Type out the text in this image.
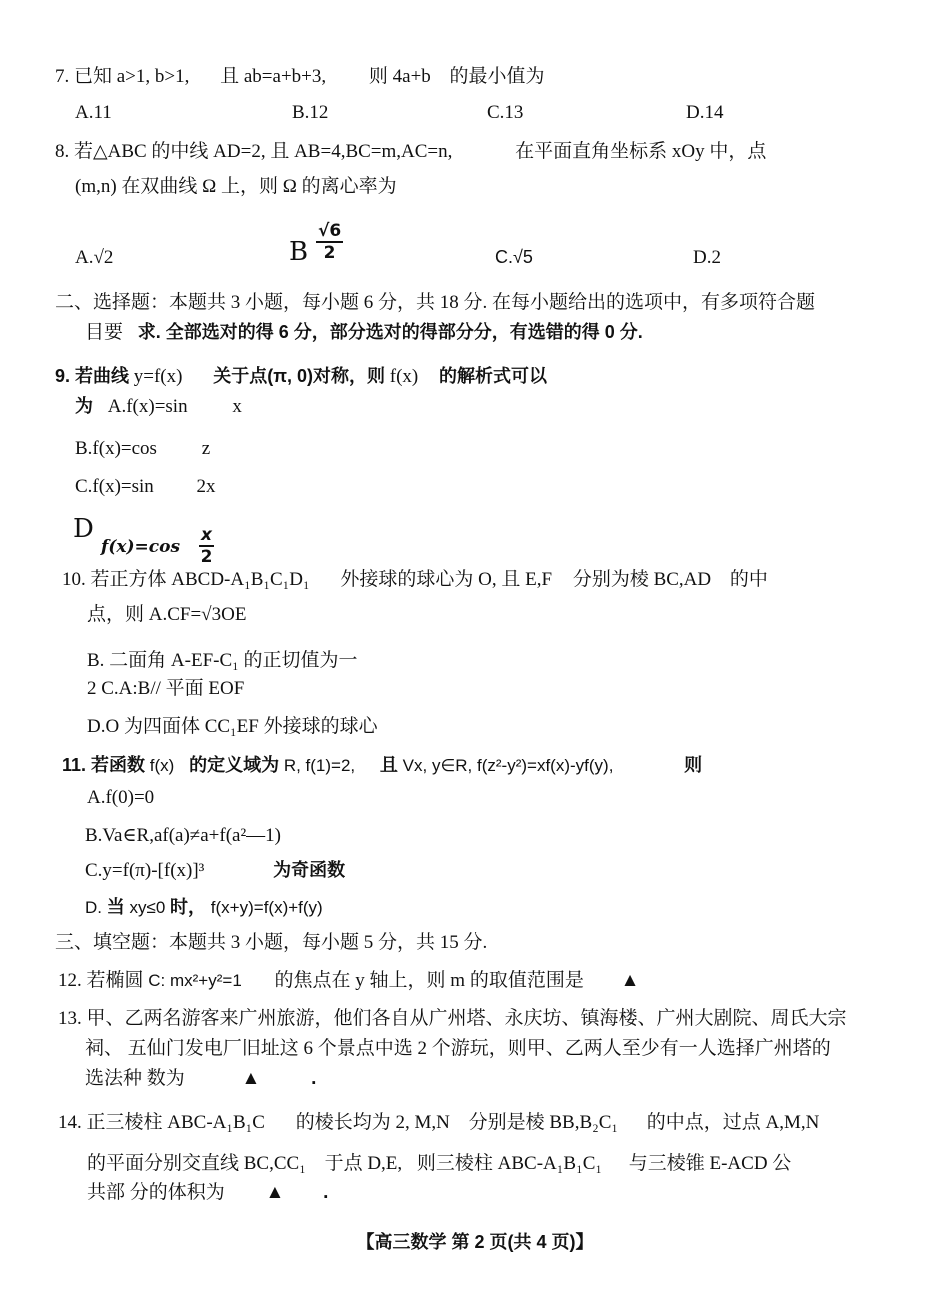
7. 已知 a>1, b>1, 且 ab=a+b+3, 则 4a+b 的最小值为
A.11	B.12	C.13	D.14
8. 若△ABC 的中线 AD=2, 且 AB=4,BC=m,AC=n,	在平面直角坐标系 xOy 中，点
(m,n) 在双曲线 Ω 上，则 Ω 的离心率为
A.√2	B $\frac{√6}{2}$	C.√5	D.2
二、选择题：本题共 3 小题，每小题 6 分，共 18 分. 在每小题给出的选项中，有多项符合题
目要 求. 全部选对的得 6 分，部分选对的得部分分，有选错的得 0 分.
9. 若曲线 y=f(x) 关于点(π, 0)对称，则 f(x) 的解析式可以
为 A.f(x)=sin x
B.f(x)=cos z
C.f(x)=sin 2x
D
$f(x)=\cos \frac{x}{2}$
10. 若正方体 ABCD-A₁B₁C₁D₁ 外接球的球心为 O, 且 E,F 分别为棱 BC,AD 的中
点，则 A.CF=√3OE
B. 二面角 A-EF-C₁ 的正切值为一
2 C.A:B// 平面 EOF
D.O 为四面体 CC₁EF 外接球的球心
11. 若函数 f(x) 的定义域为 R, f(1)=2, 且 Vx, y∈R, f(z²-y²)=xf(x)-yf(y),	则
A.f(0)=0
B.Va∈R,af(a)≠a+f(a²—1)
C.y=f(π)-[f(x)]³	为奇函数
D. 当 xy≤0 时， f(x+y)=f(x)+f(y)
三、填空题：本题共 3 小题，每小题 5 分，共 15 分.
12. 若椭圆 C: mx²+y²=1 的焦点在 y 轴上，则 m 的取值范围是 ▲
13. 甲、乙两名游客来广州旅游，他们各自从广州塔、永庆坊、镇海楼、广州大剧院、周氏大宗
祠、 五仙门发电厂旧址这 6 个景点中选 2 个游玩，则甲、乙两人至少有一人选择广州塔的
选法种 数为	▲	.
14. 正三棱柱 ABC-A₁B₁C 的棱长均为 2, M,N 分别是棱 BB,B₂C₁ 的中点，过点 A,M,N
的平面分别交直线 BC,CC₁ 于点 D,E, 则三棱柱 ABC-A₁B₁C₁ 与三棱锥 E-ACD 公
共部 分的体积为 ▲ .
【高三数学 第 2 页(共 4 页)】
